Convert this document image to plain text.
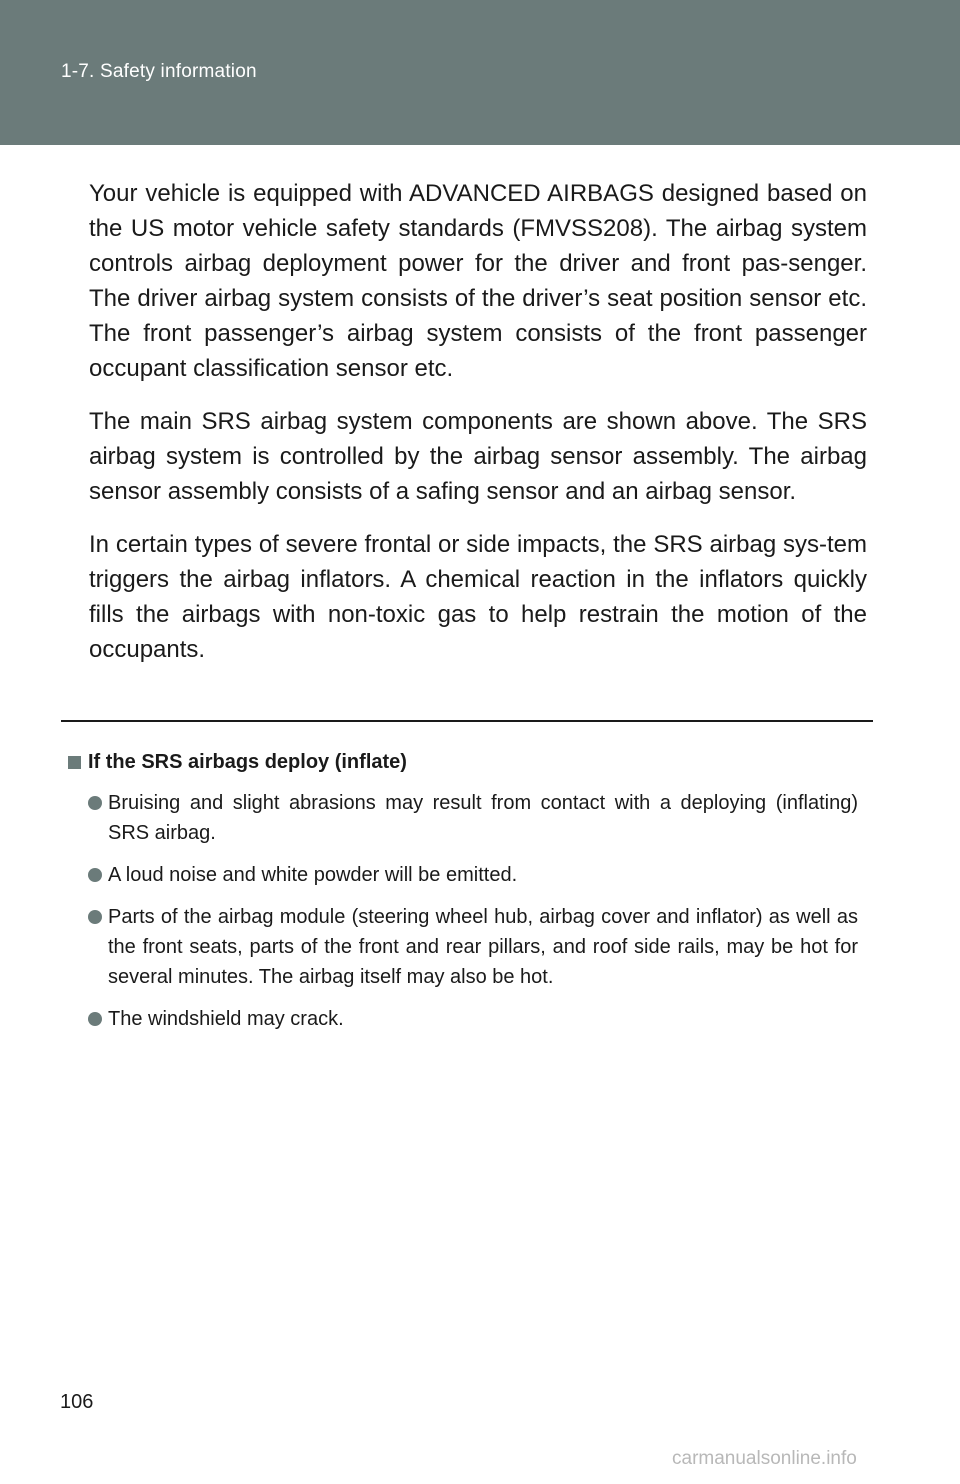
1-7. Safety information

Your vehicle is equipped with ADVANCED AIRBAGS designed based on the US motor vehicle safety standards (FMVSS208). The airbag system controls airbag deployment power for the driver and front pas-senger. The driver airbag system consists of the driver’s seat position sensor etc. The front passenger’s airbag system consists of the front passenger occupant classification sensor etc.

The main SRS airbag system components are shown above. The SRS airbag system is controlled by the airbag sensor assembly. The airbag sensor assembly consists of a safing sensor and an airbag sensor.

In certain types of severe frontal or side impacts, the SRS airbag sys-tem triggers the airbag inflators. A chemical reaction in the inflators quickly fills the airbags with non-toxic gas to help restrain the motion of the occupants.

If the SRS airbags deploy (inflate)
Bruising and slight abrasions may result from contact with a deploying (inflating) SRS airbag.
A loud noise and white powder will be emitted.
Parts of the airbag module (steering wheel hub, airbag cover and inflator) as well as the front seats, parts of the front and rear pillars, and roof side rails, may be hot for several minutes. The airbag itself may also be hot.
The windshield may crack.
106
carmanualsonline.info
